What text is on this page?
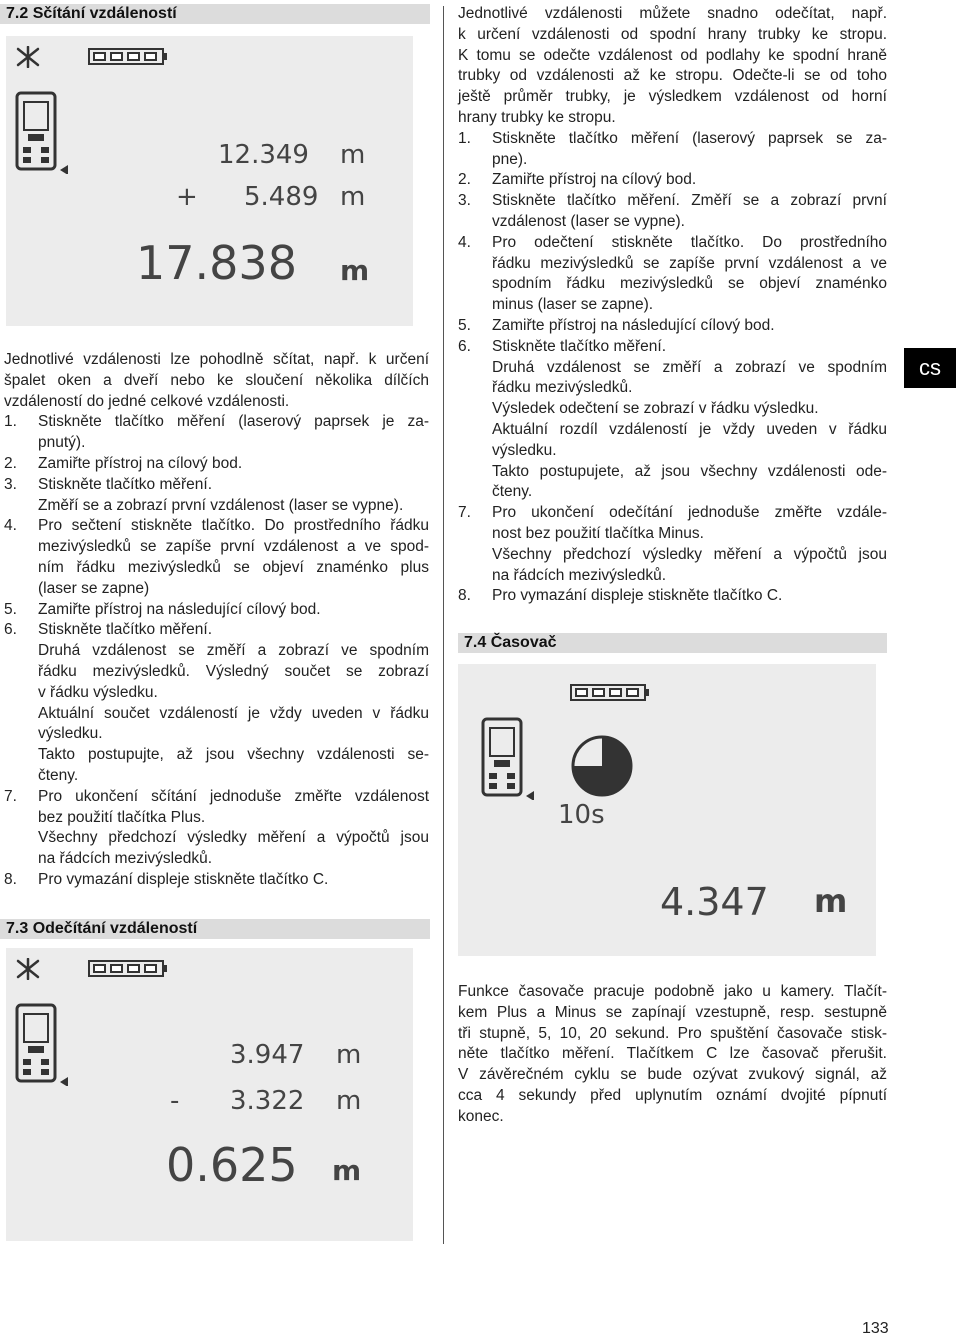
7.2 Sčítání vzdáleností
12.349 m
+ 5.489 m
17.838 m

Jednotlivé vzdálenosti lze pohodlně sčítat, např. k určení

špalet oken a dveří nebo ke sloučení několika dílčích

vzdáleností do jedné celkové vzdálenosti.

1. Stiskněte tlačítko měření (laserový paprsek je za-
pnutý).
2. Zamiřte přístroj na cílový bod.
3. Stiskněte tlačítko měření.
Změří se a zobrazí první vzdálenost (laser se vypne).
4. Pro sečtení stiskněte tlačítko. Do prostředního řádku
mezivýsledků se zapíše první vzdálenost a ve spod-
ním řádku mezivýsledků se objeví znaménko plus
(laser se zapne)
5. Zamiřte přístroj na následující cílový bod.
6. Stiskněte tlačítko měření.
Druhá vzdálenost se změří a zobrazí ve spodním
řádku mezivýsledků. Výsledný součet se zobrazí
v řádku výsledku.
Aktuální součet vzdáleností je vždy uveden v řádku
výsledku.
Takto postupujte, až jsou všechny vzdálenosti se-
čteny.
7. Pro ukončení sčítání jednoduše změřte vzdálenost
bez použití tlačítka Plus.
Všechny předchozí výsledky měření a výpočtů jsou
na řádcích mezivýsledků.
8. Pro vymazání displeje stiskněte tlačítko C.
7.3 Odečítání vzdáleností
3.947 m
- 3.322 m
0.625 m

Jednotlivé vzdálenosti můžete snadno odečítat, např.

k určení vzdálenosti od spodní hrany trubky ke stropu.

K tomu se odečte vzdálenost od podlahy ke spodní hraně

trubky od vzdálenosti až ke stropu. Odečte-li se od toho

ještě průměr trubky, je výsledkem vzdálenost od horní

hrany trubky ke stropu.

1. Stiskněte tlačítko měření (laserový paprsek se za-
pne).
2. Zamiřte přístroj na cílový bod.
3. Stiskněte tlačítko měření. Změří se a zobrazí první
vzdálenost (laser se vypne).
4. Pro odečtení stiskněte tlačítko. Do prostředního
řádku mezivýsledků se zapíše první vzdálenost a ve
spodním řádku mezivýsledků se objeví znaménko
minus (laser se zapne).
5. Zamiřte přístroj na následující cílový bod.
6. Stiskněte tlačítko měření.
Druhá vzdálenost se změří a zobrazí ve spodním
řádku mezivýsledků.
Výsledek odečtení se zobrazí v řádku výsledku.
Aktuální rozdíl vzdáleností je vždy uveden v řádku
výsledku.
Takto postupujete, až jsou všechny vzdálenosti ode-
čteny.
7. Pro ukončení odečítání jednoduše změřte vzdále-
nost bez použití tlačítka Minus.
Všechny předchozí výsledky měření a výpočtů jsou
na řádcích mezivýsledků.
8. Pro vymazání displeje stiskněte tlačítko C.
7.4 Časovač
10s
4.347 m

Funkce časovače pracuje podobně jako u kamery. Tlačít-

kem Plus a Minus se zapínají vzestupně, resp. sestupně

tři stupně, 5, 10, 20 sekund. Pro spuštění časovače stisk-

něte tlačítko měření. Tlačítkem C lze časovač přerušit.

V závěrečném cyklu se bude ozývat zvukový signál, až

cca 4 sekundy před uplynutím oznámí dvojité pípnutí

konec.

cs
133
